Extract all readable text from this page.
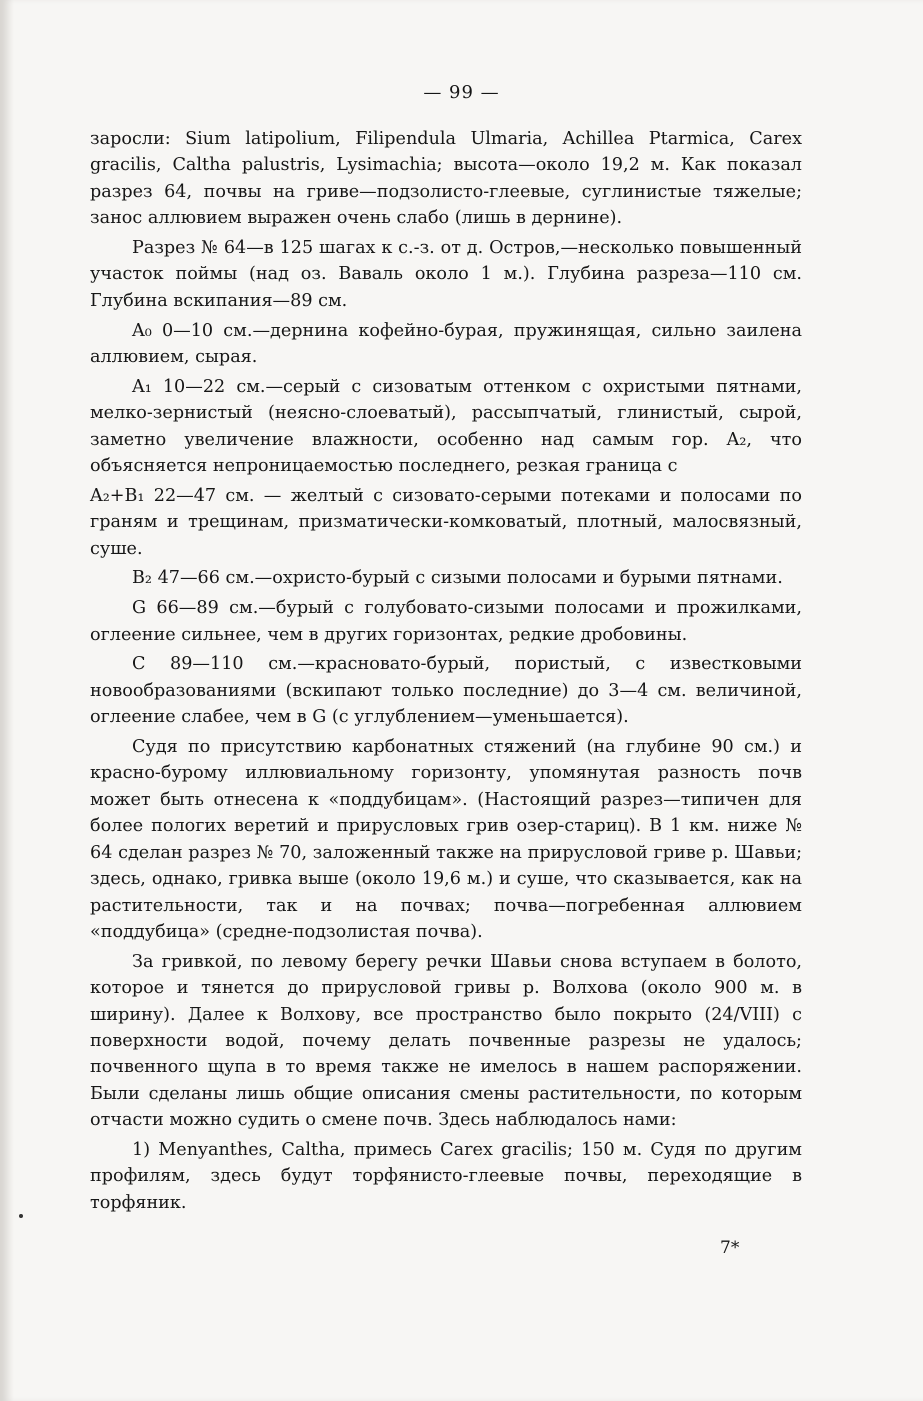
— 99 —

заросли: Sium latipolium, Filipendula Ulmaria, Achillea Ptarmica, Carex gracilis, Caltha palustris, Lysimachia; высота—около 19,2 м. Как показал разрез 64, почвы на гриве—подзолисто-глеевые, суглинистые тяжелые; занос аллювием выражен очень слабо (лишь в дернине).

Разрез № 64—в 125 шагах к с.-з. от д. Остров,—несколько повышенный участок поймы (над оз. Ваваль около 1 м.). Глубина разреза—110 см. Глубина вскипания—89 см.

A₀ 0—10 см.—дернина кофейно-бурая, пружинящая, сильно заилена аллювием, сырая.

A₁ 10—22 см.—серый с сизоватым оттенком с охристыми пятнами, мелко-зернистый (неясно-слоеватый), рассыпчатый, глинистый, сырой, заметно увеличение влажности, особенно над самым гор. A₂, что объясняется непроницаемостью последнего, резкая граница с

A₂+B₁ 22—47 см. — желтый с сизовато-серыми потеками и полосами по граням и трещинам, призматически-комковатый, плотный, малосвязный, суше.

B₂ 47—66 см.—охристо-бурый с сизыми полосами и бурыми пятнами.

G 66—89 см.—бурый с голубовато-сизыми полосами и прожилками, оглеение сильнее, чем в других горизонтах, редкие дробовины.

C 89—110 см.—красновато-бурый, пористый, с известковыми новообразованиями (вскипают только последние) до 3—4 см. величиной, оглеение слабее, чем в G (с углублением—уменьшается).

Судя по присутствию карбонатных стяжений (на глубине 90 см.) и красно-бурому иллювиальному горизонту, упомянутая разность почв может быть отнесена к «поддубицам». (Настоящий разрез—типичен для более пологих веретий и прирусловых грив озер-стариц). В 1 км. ниже № 64 сделан разрез № 70, заложенный также на прирусловой гриве р. Шавьи; здесь, однако, гривка выше (около 19,6 м.) и суше, что сказывается, как на растительности, так и на почвах; почва—погребенная аллювием «поддубица» (средне-подзолистая почва).

За гривкой, по левому берегу речки Шавьи снова вступаем в болото, которое и тянется до прирусловой гривы р. Волхова (около 900 м. в ширину). Далее к Волхову, все пространство было покрыто (24/VIII) с поверхности водой, почему делать почвенные разрезы не удалось; почвенного щупа в то время также не имелось в нашем распоряжении. Были сделаны лишь общие описания смены растительности, по которым отчасти можно судить о смене почв. Здесь наблюдалось нами:

1) Menyanthes, Caltha, примесь Carex gracilis; 150 м. Судя по другим профилям, здесь будут торфянисто-глеевые почвы, переходящие в торфяник.

7*
